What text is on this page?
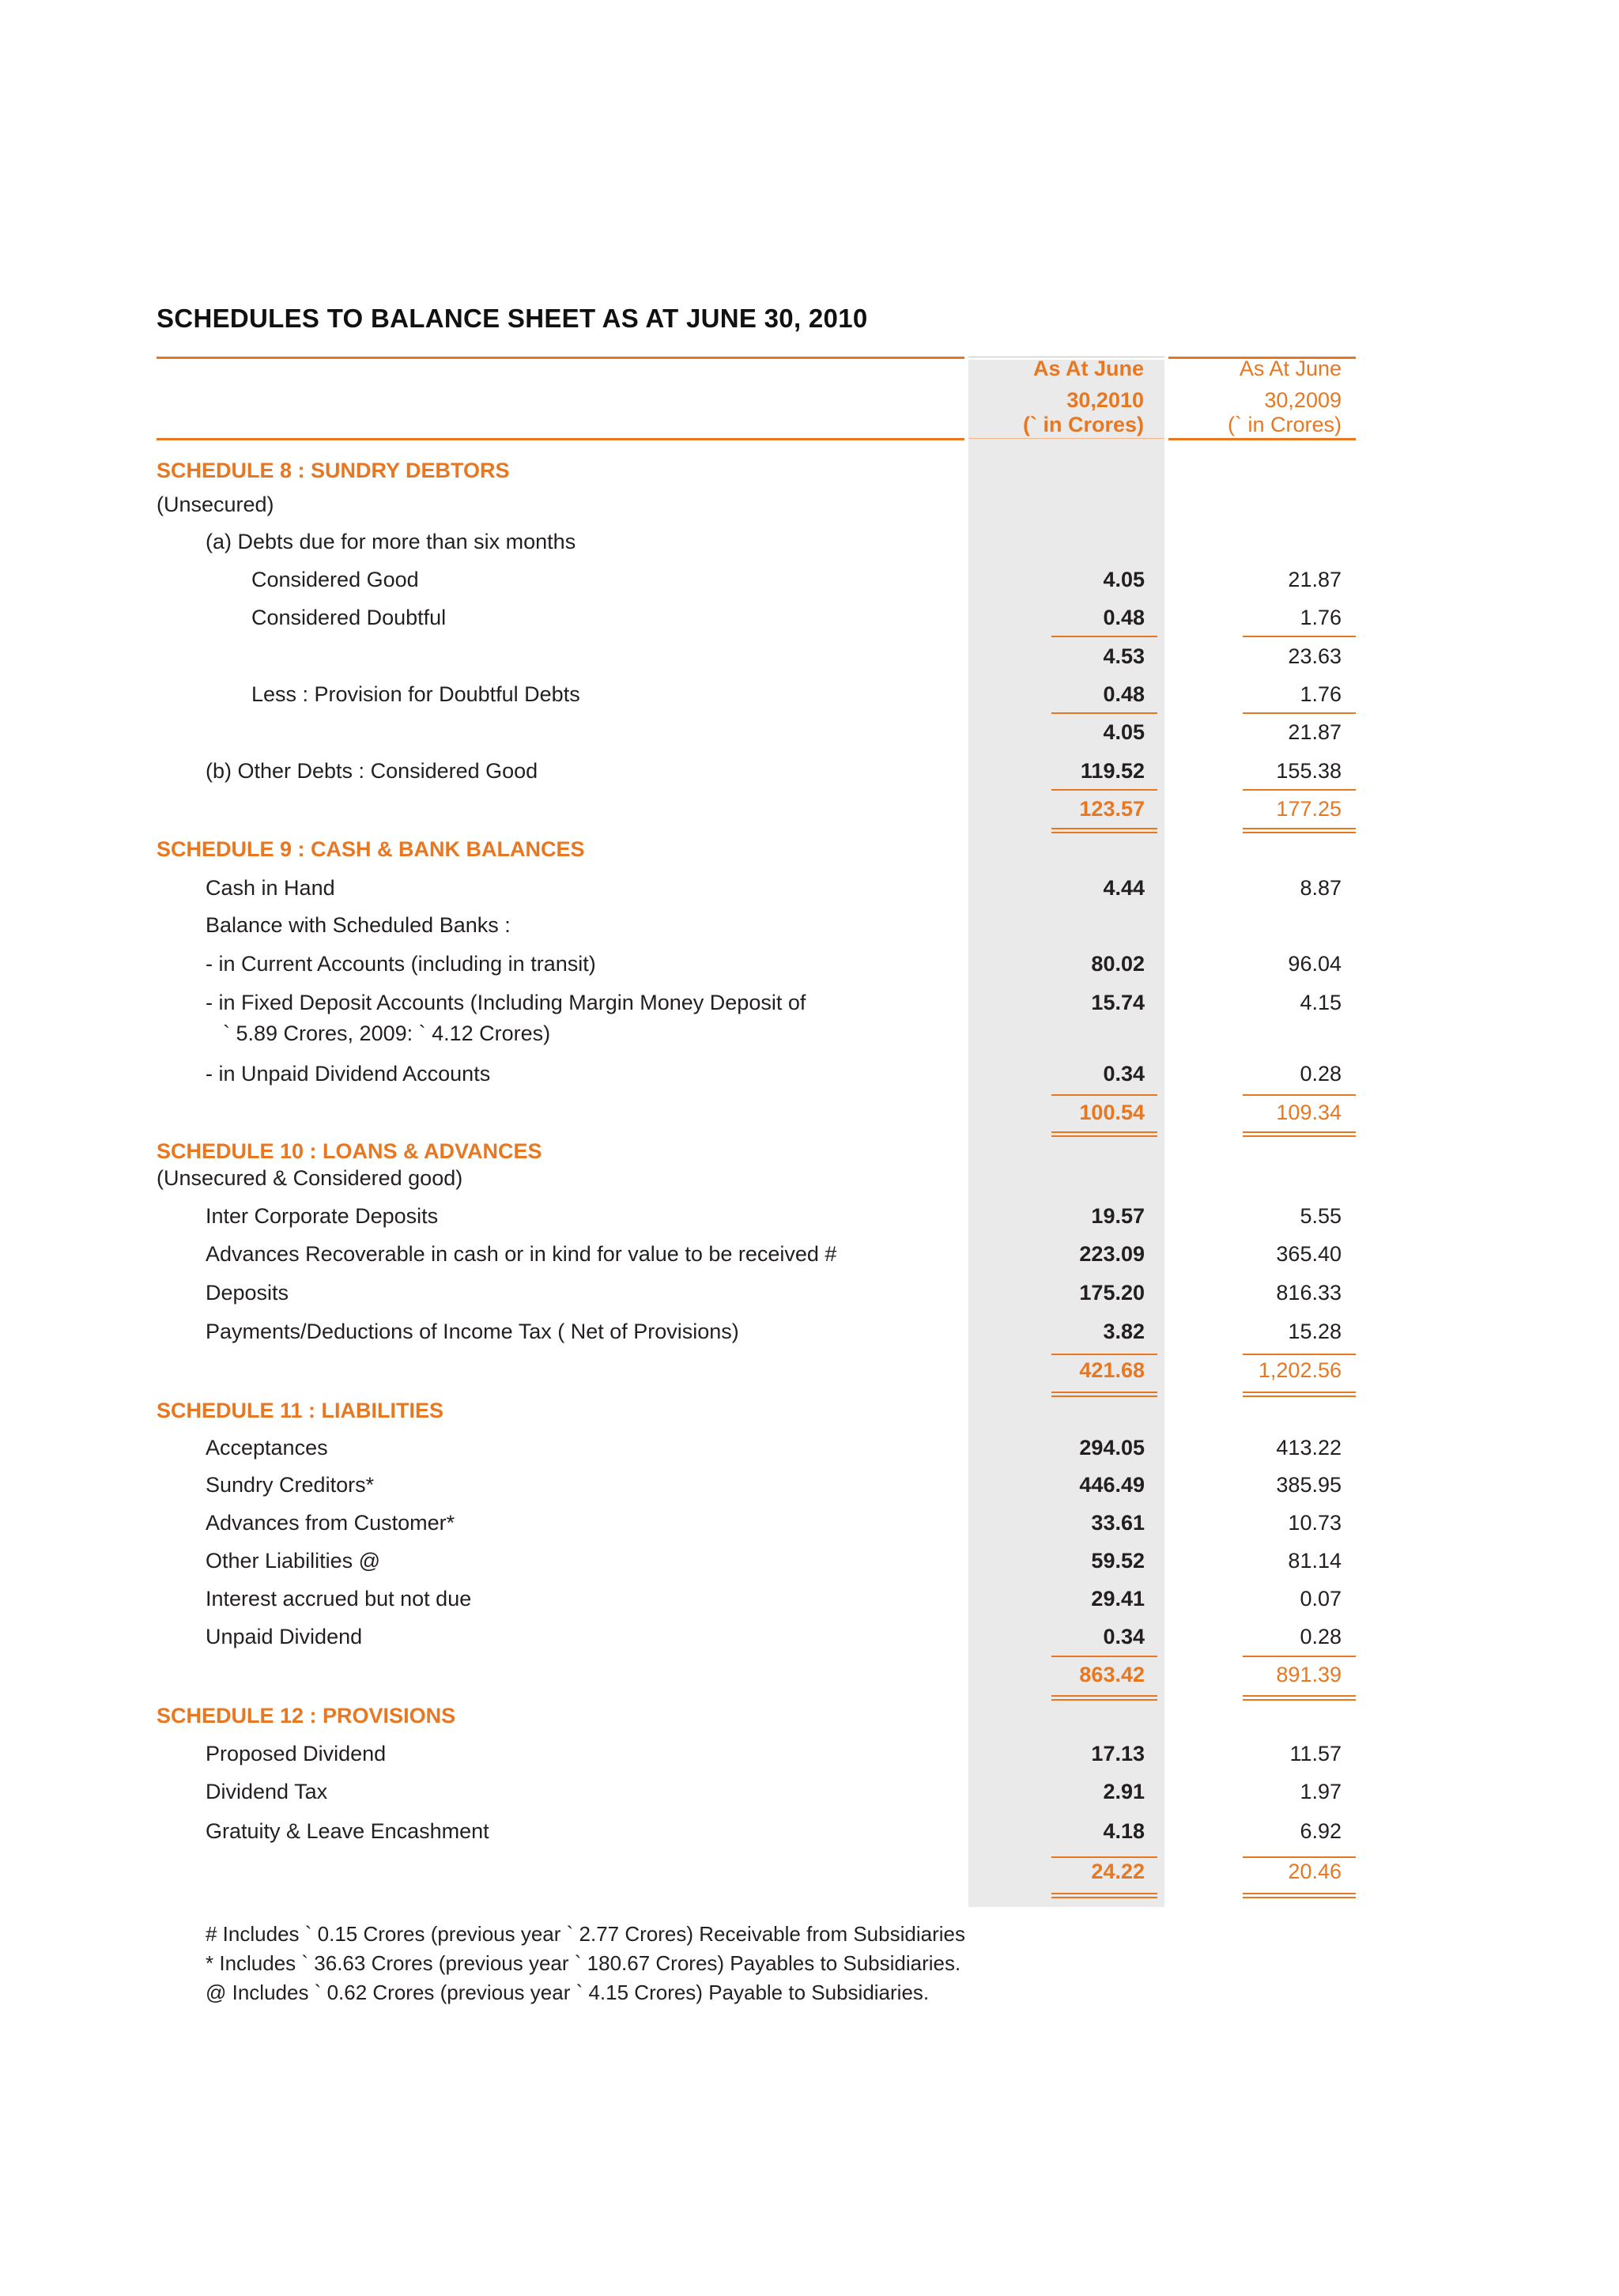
SCHEDULES TO BALANCE SHEET AS AT JUNE 30, 2010
As At June
30,2010
(` in Crores)
As At June
30,2009
(` in Crores)
SCHEDULE 8 : SUNDRY DEBTORS
(Unsecured)
(a) Debts due for more than six months
Considered Good	4.05	21.87
Considered Doubtful	0.48	1.76
4.53	23.63
Less : Provision for Doubtful Debts	0.48	1.76
4.05	21.87
(b) Other Debts : Considered Good	119.52	155.38
123.57	177.25
SCHEDULE 9 : CASH & BANK BALANCES
Cash in Hand	4.44	8.87
Balance with Scheduled Banks :
- in Current Accounts (including in transit)	80.02	96.04
- in Fixed Deposit Accounts (Including Margin Money Deposit of	15.74	4.15
` 5.89 Crores, 2009: ` 4.12 Crores)
- in Unpaid Dividend Accounts	0.34	0.28
100.54	109.34
SCHEDULE 10 : LOANS & ADVANCES
(Unsecured & Considered good)
Inter Corporate Deposits	19.57	5.55
Advances Recoverable in cash or in kind for value to be received #	223.09	365.40
Deposits	175.20	816.33
Payments/Deductions of Income Tax ( Net of Provisions)	3.82	15.28
421.68	1,202.56
SCHEDULE 11 : LIABILITIES
Acceptances	294.05	413.22
Sundry Creditors*	446.49	385.95
Advances from Customer*	33.61	10.73
Other Liabilities @	59.52	81.14
Interest accrued but not due	29.41	0.07
Unpaid Dividend	0.34	0.28
863.42	891.39
SCHEDULE 12 : PROVISIONS
Proposed Dividend	17.13	11.57
Dividend Tax	2.91	1.97
Gratuity & Leave Encashment	4.18	6.92
24.22	20.46
# Includes ` 0.15 Crores (previous year ` 2.77 Crores) Receivable from Subsidiaries
* Includes ` 36.63 Crores (previous year ` 180.67 Crores) Payables to Subsidiaries.
@ Includes ` 0.62 Crores (previous year ` 4.15 Crores) Payable to Subsidiaries.
